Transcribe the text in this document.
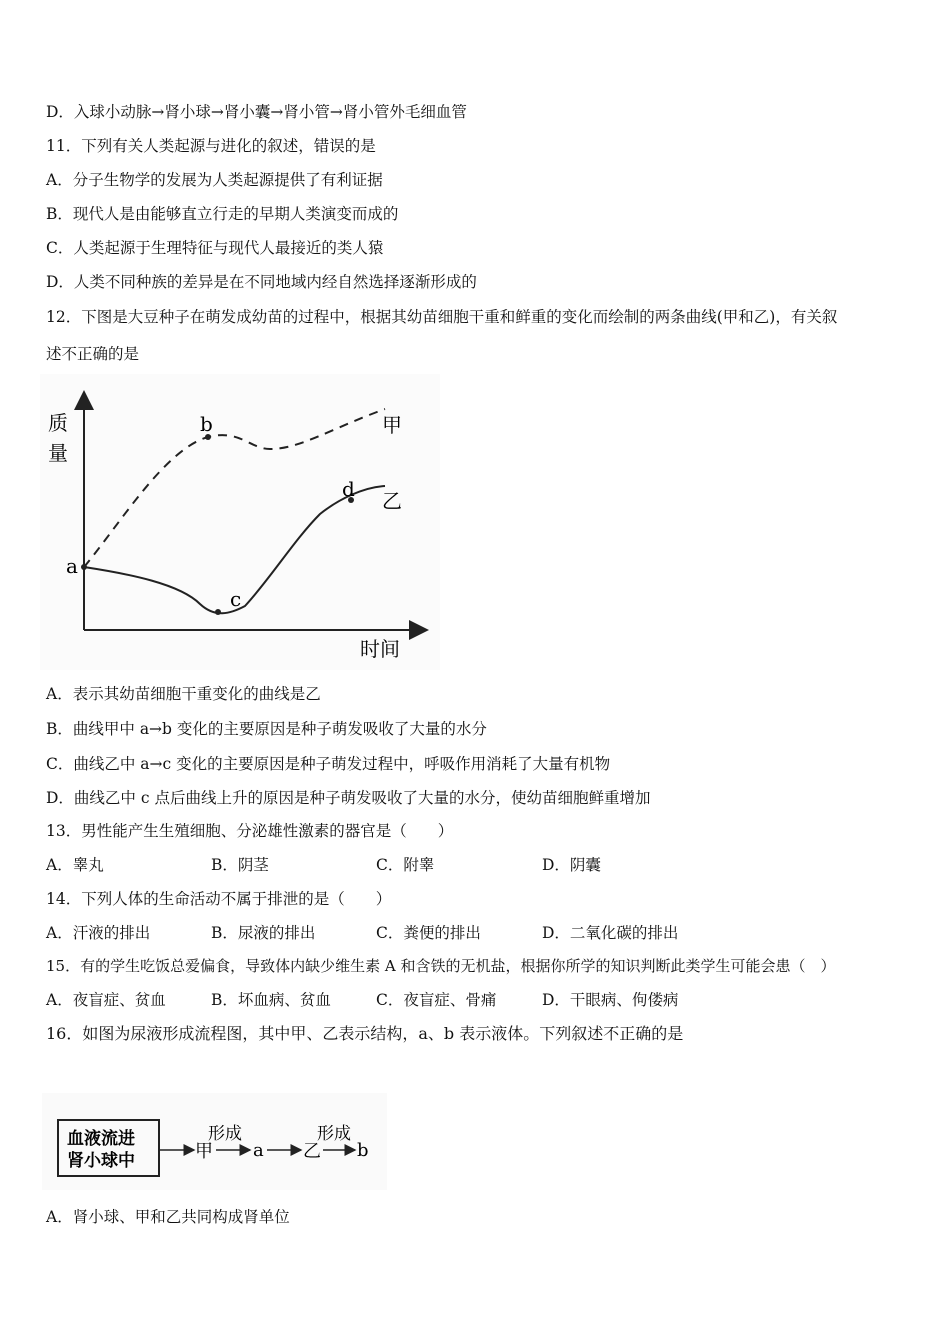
D．入球小动脉→肾小球→肾小囊→肾小管→肾小管外毛细血管
11．下列有关人类起源与进化的叙述，错误的是
A．分子生物学的发展为人类起源提供了有利证据
B．现代人是由能够直立行走的早期人类演变而成的
C．人类起源于生理特征与现代人最接近的类人猿
D．人类不同种族的差异是在不同地域内经自然选择逐渐形成的
12．下图是大豆种子在萌发成幼苗的过程中，根据其幼苗细胞干重和鲜重的变化而绘制的两条曲线(甲和乙)，有关叙
述不正确的是
质
量
时间
a
b
c
d
甲
乙
A．表示其幼苗细胞干重变化的曲线是乙
B．曲线甲中 a→b 变化的主要原因是种子萌发吸收了大量的水分
C．曲线乙中 a→c 变化的主要原因是种子萌发过程中，呼吸作用消耗了大量有机物
D．曲线乙中 c 点后曲线上升的原因是种子萌发吸收了大量的水分，使幼苗细胞鲜重增加
13．男性能产生生殖细胞、分泌雄性激素的器官是（　　）
A．睾丸	B．阴茎	C．附睾	D．阴囊
14．下列人体的生命活动不属于排泄的是（　　）
A．汗液的排出	B．尿液的排出	C．粪便的排出	D．二氧化碳的排出
15．有的学生吃饭总爱偏食，导致体内缺少维生素 A 和含铁的无机盐，根据你所学的知识判断此类学生可能会患（　）
A．夜盲症、贫血	B．坏血病、贫血	C．夜盲症、骨痛	D．干眼病、佝偻病
16．如图为尿液形成流程图，其中甲、乙表示结构，a、b 表示液体。下列叙述不正确的是
血液流进
肾小球中	甲
形成
a 乙
形成
b
A．肾小球、甲和乙共同构成肾单位
